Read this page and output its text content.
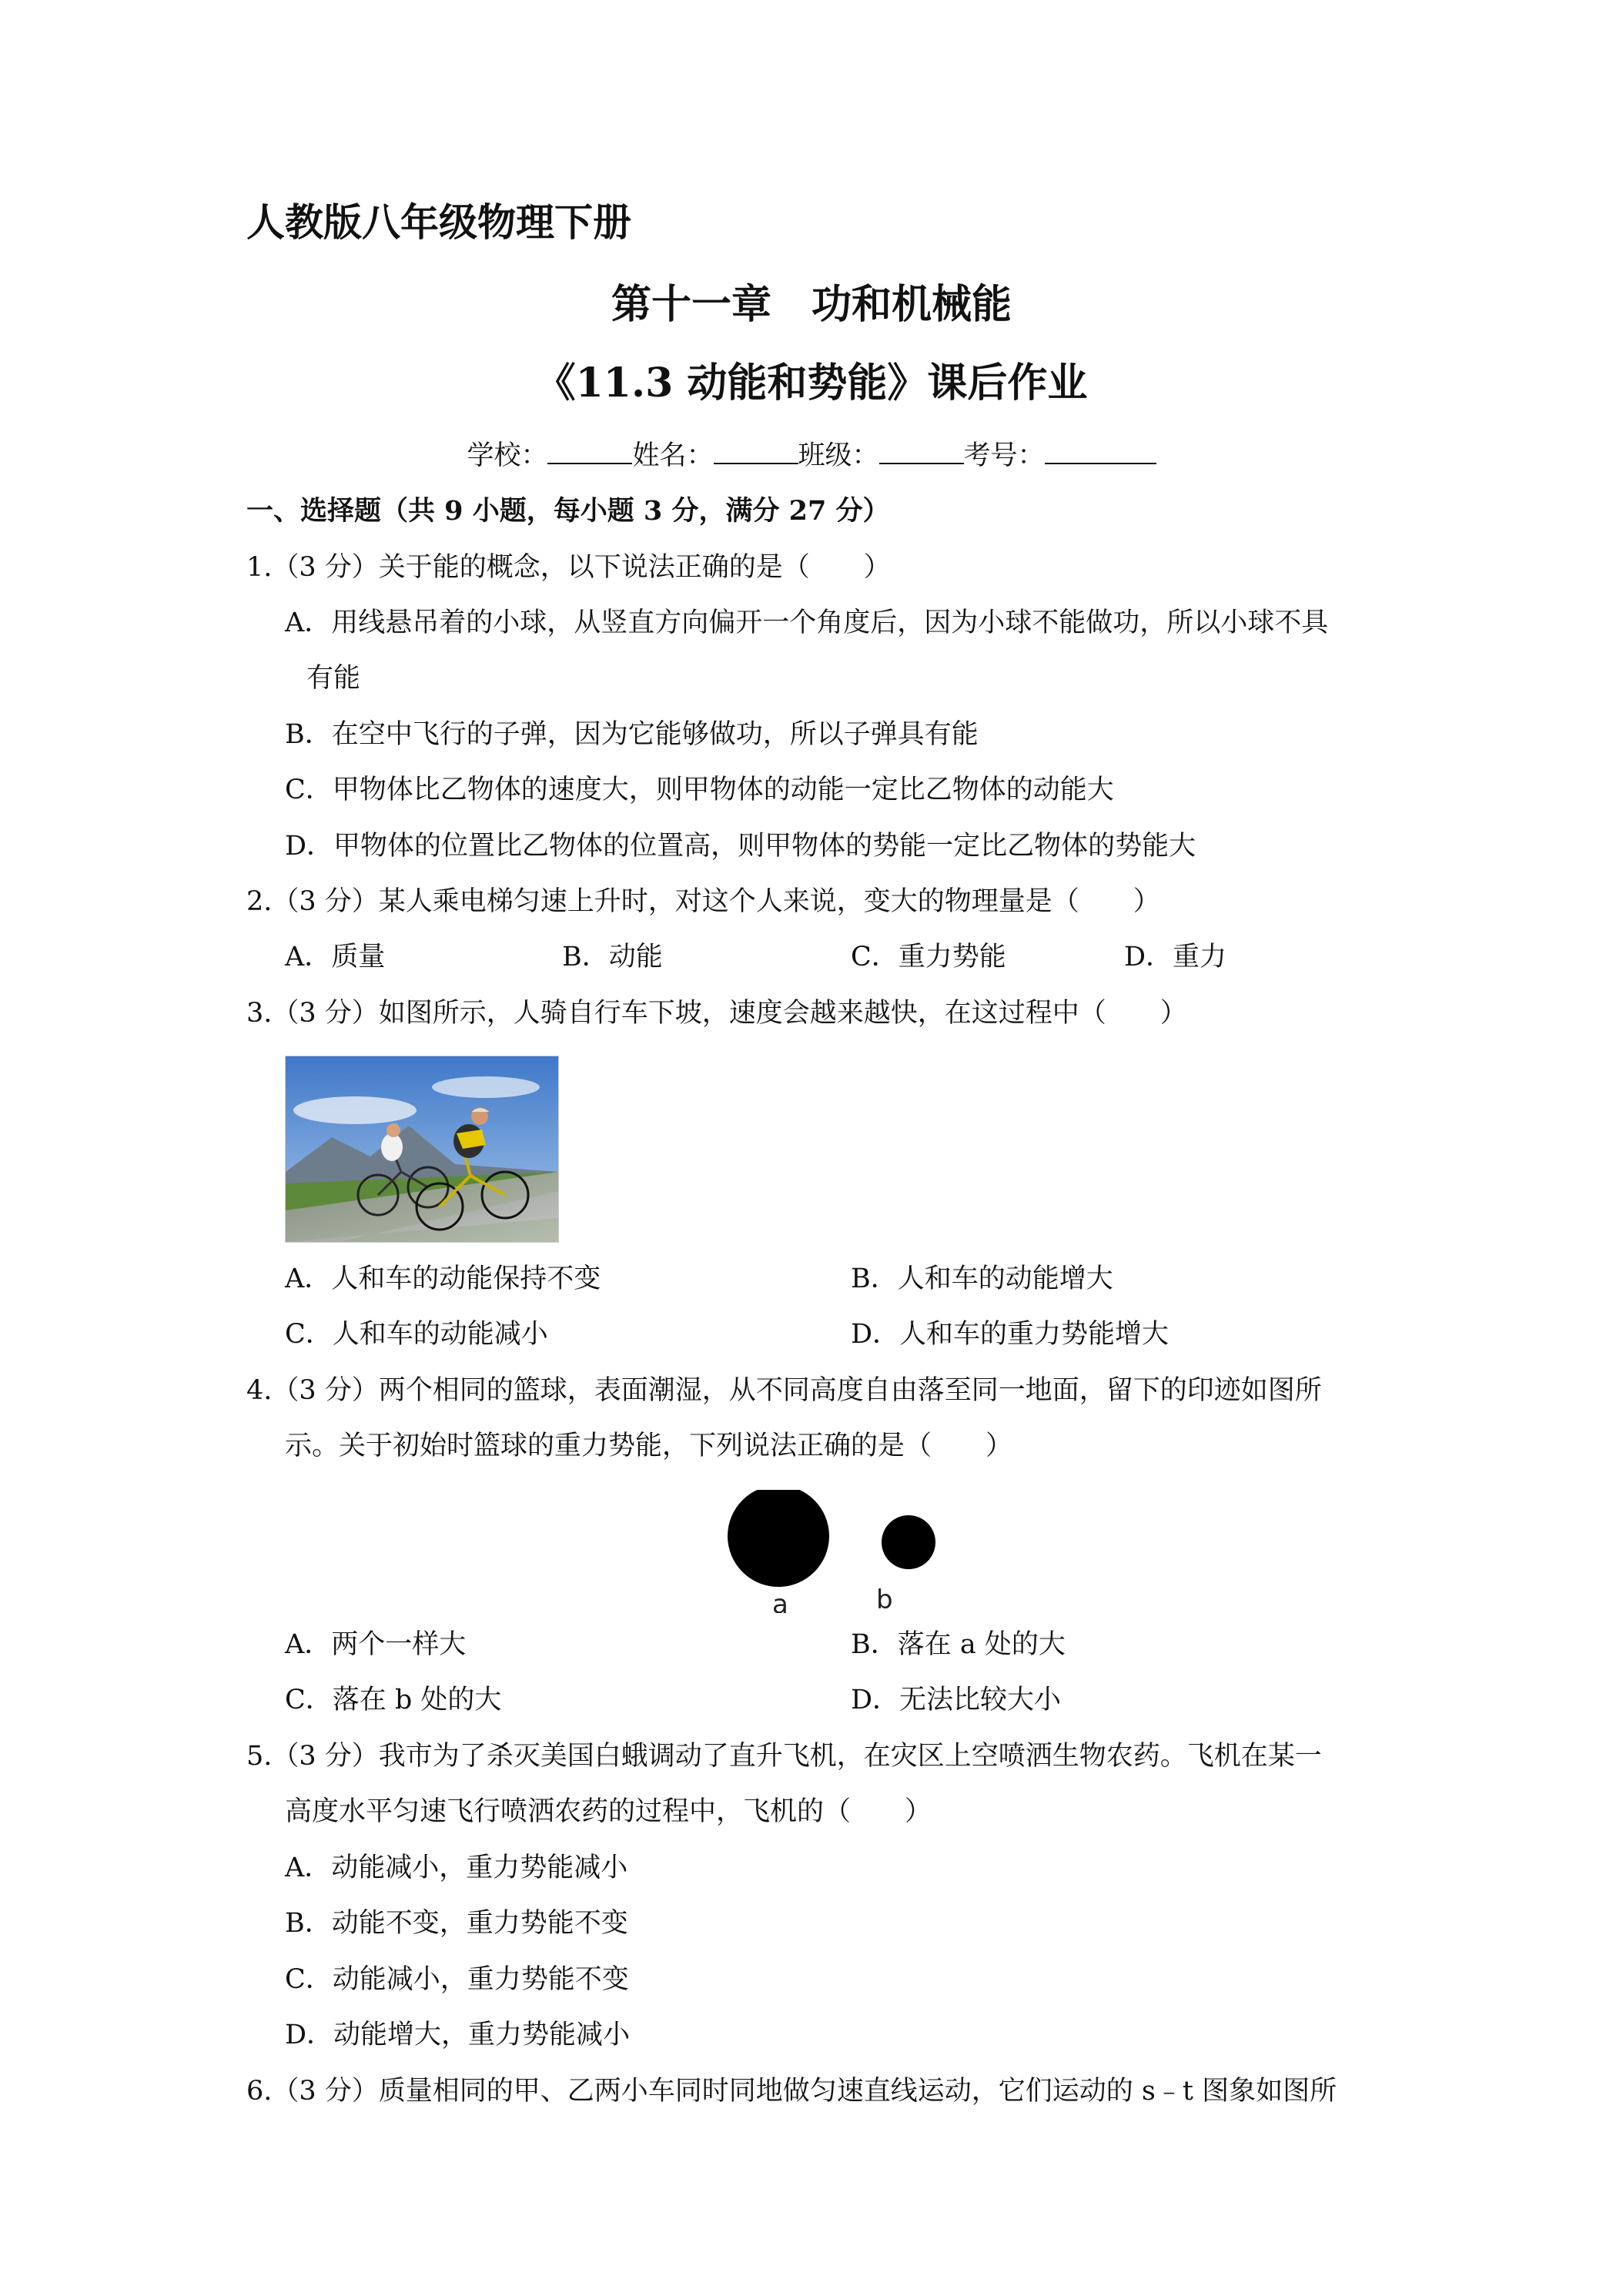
人教版八年级物理下册
第十一章　功和机械能
《11.3 动能和势能》课后作业
学校：	姓名：	班级：	考号：
一、选择题（共 9 小题，每小题 3 分，满分 27 分）
1.（3 分）关于能的概念，以下说法正确的是（　　）
A．用线悬吊着的小球，从竖直方向偏开一个角度后，因为小球不能做功，所以小球不具
有能
B．在空中飞行的子弹，因为它能够做功，所以子弹具有能
C．甲物体比乙物体的速度大，则甲物体的动能一定比乙物体的动能大
D．甲物体的位置比乙物体的位置高，则甲物体的势能一定比乙物体的势能大
2.（3 分）某人乘电梯匀速上升时，对这个人来说，变大的物理量是（　　）
A．质量	B．动能	C．重力势能	D．重力
3.（3 分）如图所示，人骑自行车下坡，速度会越来越快，在这过程中（　　）
A．人和车的动能保持不变	B．人和车的动能增大
C．人和车的动能减小	D．人和车的重力势能增大
4.（3 分）两个相同的篮球，表面潮湿，从不同高度自由落至同一地面，留下的印迹如图所
示。关于初始时篮球的重力势能，下列说法正确的是（　　）
a	b
A．两个一样大	B．落在 a 处的大
C．落在 b 处的大	D．无法比较大小
5.（3 分）我市为了杀灭美国白蛾调动了直升飞机，在灾区上空喷洒生物农药。飞机在某一
高度水平匀速飞行喷洒农药的过程中，飞机的（　　）
A．动能减小，重力势能减小
B．动能不变，重力势能不变
C．动能减小，重力势能不变
D．动能增大，重力势能减小
6.（3 分）质量相同的甲、乙两小车同时同地做匀速直线运动，它们运动的 s﹣t 图象如图所
